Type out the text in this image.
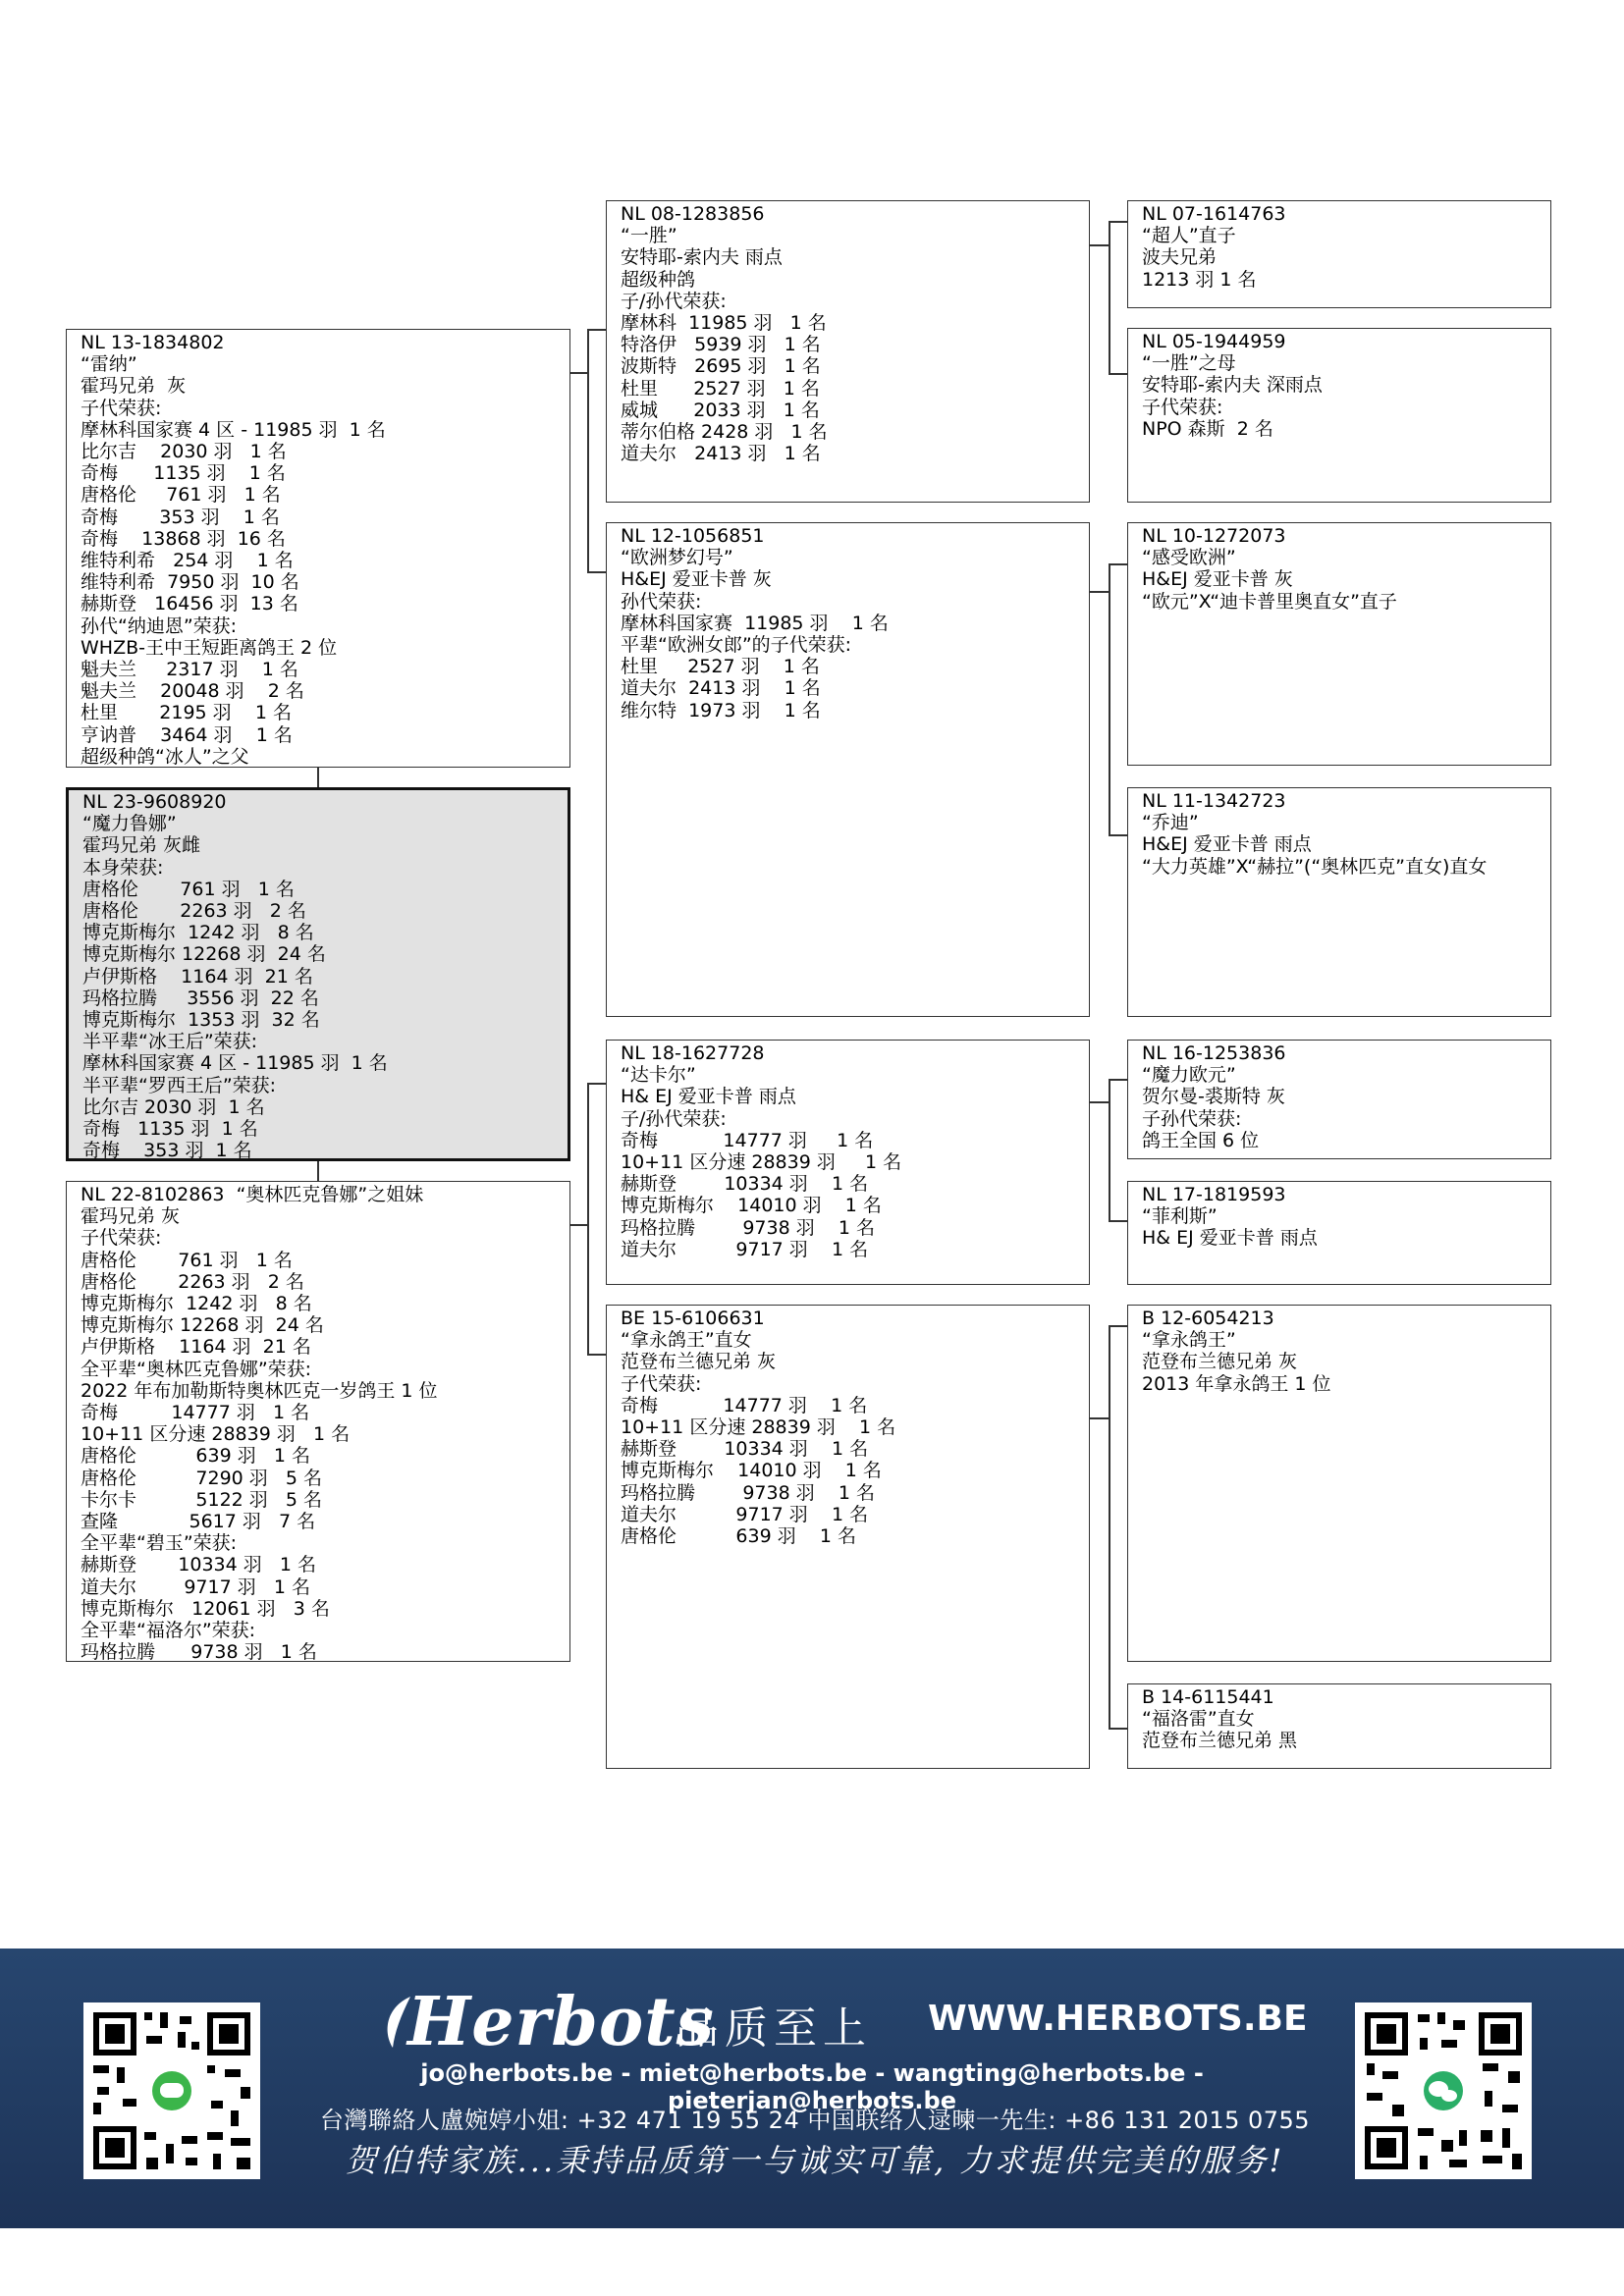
NL 13-1834802
“雷纳”
霍玛兄弟  灰
子代荣获:
摩林科国家赛 4 区 - 11985 羽  1 名
比尔吉    2030 羽   1 名
奇梅      1135 羽    1 名
唐格伦     761 羽   1 名
奇梅       353 羽    1 名
奇梅    13868 羽  16 名
维特利希   254 羽    1 名
维特利希  7950 羽  10 名
赫斯登   16456 羽  13 名
孙代“纳迪恩”荣获:
WHZB-王中王短距离鸽王 2 位
魁夫兰     2317 羽    1 名
魁夫兰    20048 羽    2 名
杜里       2195 羽    1 名
亨讷普    3464 羽    1 名
超级种鸽“冰人”之父
NL 23-9608920
“魔力鲁娜”
霍玛兄弟 灰雌
本身荣获:
唐格伦       761 羽   1 名
唐格伦       2263 羽   2 名
博克斯梅尔  1242 羽   8 名
博克斯梅尔 12268 羽  24 名
卢伊斯格    1164 羽  21 名
玛格拉腾     3556 羽  22 名
博克斯梅尔  1353 羽  32 名
半平辈“冰王后”荣获:
摩林科国家赛 4 区 - 11985 羽  1 名
半平辈“罗西王后”荣获:
比尔吉 2030 羽  1 名
奇梅   1135 羽  1 名
奇梅    353 羽  1 名
NL 22-8102863  “奥林匹克鲁娜”之姐妹
霍玛兄弟 灰
子代荣获:
唐格伦       761 羽   1 名
唐格伦       2263 羽   2 名
博克斯梅尔  1242 羽   8 名
博克斯梅尔 12268 羽  24 名
卢伊斯格    1164 羽  21 名
全平辈“奥林匹克鲁娜”荣获:
2022 年布加勒斯特奥林匹克一岁鸽王 1 位
奇梅         14777 羽   1 名
10+11 区分速 28839 羽   1 名
唐格伦          639 羽   1 名
唐格伦          7290 羽   5 名
卡尔卡          5122 羽   5 名
查隆            5617 羽   7 名
全平辈“碧玉”荣获:
赫斯登       10334 羽   1 名
道夫尔        9717 羽   1 名
博克斯梅尔   12061 羽   3 名
全平辈“福洛尔”荣获:
玛格拉腾      9738 羽   1 名
NL 08-1283856
“一胜”
安特耶-索内夫 雨点
超级种鸽
子/孙代荣获:
摩林科  11985 羽   1 名
特洛伊   5939 羽   1 名
波斯特   2695 羽   1 名
杜里      2527 羽   1 名
威城      2033 羽   1 名
蒂尔伯格 2428 羽   1 名
道夫尔   2413 羽   1 名
NL 12-1056851
“欧洲梦幻号”
H&EJ 爱亚卡普 灰
孙代荣获:
摩林科国家赛  11985 羽    1 名
平辈“欧洲女郎”的子代荣获:
杜里     2527 羽    1 名
道夫尔  2413 羽    1 名
维尔特  1973 羽    1 名
NL 18-1627728
“达卡尔”
H& EJ 爱亚卡普 雨点
子/孙代荣获:
奇梅           14777 羽     1 名
10+11 区分速 28839 羽     1 名
赫斯登        10334 羽    1 名
博克斯梅尔    14010 羽    1 名
玛格拉腾        9738 羽    1 名
道夫尔          9717 羽    1 名
BE 15-6106631
“拿永鸽王”直女
范登布兰德兄弟 灰
子代荣获:
奇梅           14777 羽    1 名
10+11 区分速 28839 羽    1 名
赫斯登        10334 羽    1 名
博克斯梅尔    14010 羽    1 名
玛格拉腾        9738 羽    1 名
道夫尔          9717 羽    1 名
唐格伦          639 羽    1 名
NL 07-1614763
“超人”直子
波夫兄弟
1213 羽 1 名
NL 05-1944959
“一胜”之母
安特耶-索内夫 深雨点
子代荣获:
NPO 森斯  2 名
NL 10-1272073
“感受欧洲”
H&EJ 爱亚卡普 灰
“欧元”X“迪卡普里奥直女”直子
NL 11-1342723
“乔迪”
H&EJ 爱亚卡普 雨点
“大力英雄”X“赫拉”(“奥林匹克”直女)直女
NL 16-1253836
“魔力欧元”
贺尔曼-裘斯特 灰
子孙代荣获:
鸽王全国 6 位
NL 17-1819593
“菲利斯”
H& EJ 爱亚卡普 雨点
B 12-6054213
“拿永鸽王”
范登布兰德兄弟 灰
2013 年拿永鸽王 1 位
B 14-6115441
“福洛雷”直女
范登布兰德兄弟 黑
Herbots
品质至上 WWW.HERBOTS.BE
jo@herbots.be - miet@herbots.be - wangting@herbots.be - pieterjan@herbots.be
台灣聯絡人盧婉婷小姐: +32 471 19 55 24 中国联络人逯暕一先生: +86 131 2015 0755
贺伯特家族...秉持品质第一与诚实可靠, 力求提供完美的服务!
